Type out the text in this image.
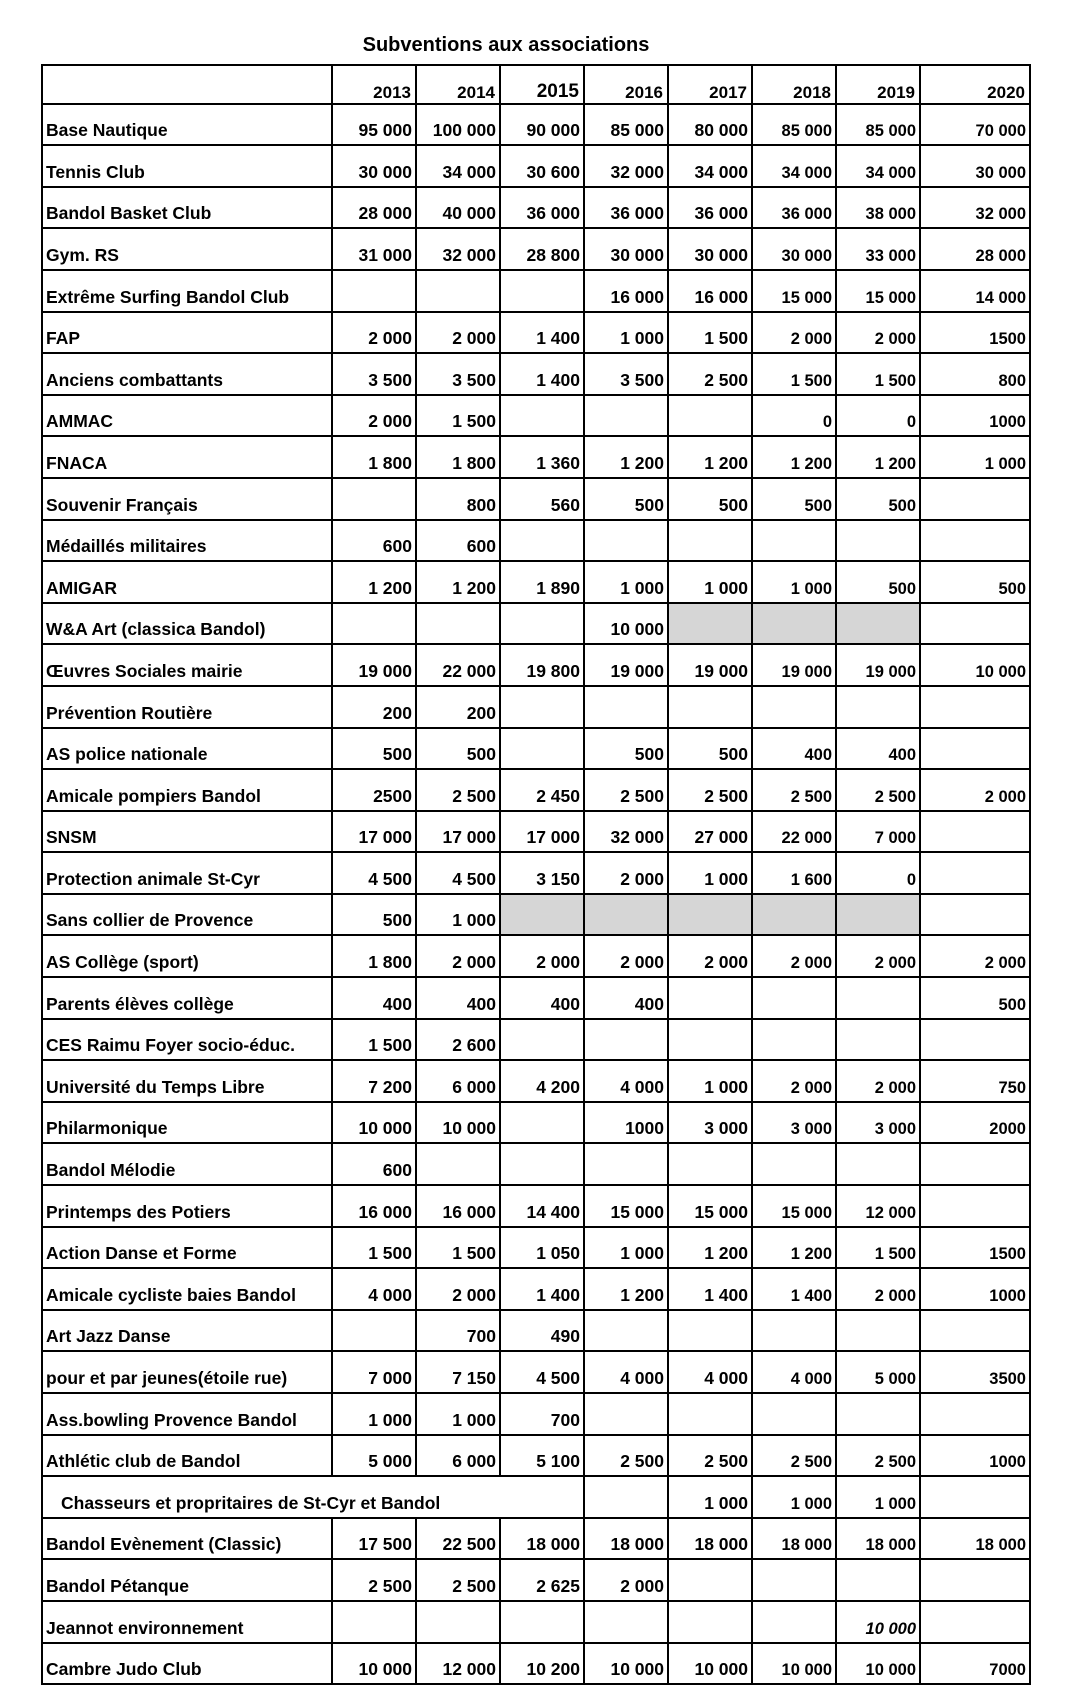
Subventions aux associations
	2013	2014	2015	2016	2017	2018	2019	2020
Base Nautique	95 000	100 000	90 000	85 000	80 000	85 000	85 000	70 000
Tennis Club	30 000	34 000	30 600	32 000	34 000	34 000	34 000	30 000
Bandol Basket Club	28 000	40 000	36 000	36 000	36 000	36 000	38 000	32 000
Gym. RS	31 000	32 000	28 800	30 000	30 000	30 000	33 000	28 000
Extrême Surfing Bandol Club				16 000	16 000	15 000	15 000	14 000
FAP	2 000	2 000	1 400	1 000	1 500	2 000	2 000	1500
Anciens combattants	3 500	3 500	1 400	3 500	2 500	1 500	1 500	800
AMMAC	2 000	1 500				0	0	1000
FNACA	1 800	1 800	1 360	1 200	1 200	1 200	1 200	1 000
Souvenir Français		800	560	500	500	500	500	
Médaillés militaires	600	600						
AMIGAR	1 200	1 200	1 890	1 000	1 000	1 000	500	500
W&A Art (classica Bandol)				10 000				
Œuvres Sociales mairie	19 000	22 000	19 800	19 000	19 000	19 000	19 000	10 000
Prévention Routière	200	200						
AS police nationale	500	500		500	500	400	400	
Amicale pompiers Bandol	2500	2 500	2 450	2 500	2 500	2 500	2 500	2 000
SNSM	17 000	17 000	17 000	32 000	27 000	22 000	7 000	
Protection animale St-Cyr	4 500	4 500	3 150	2 000	1 000	1 600	0	
Sans collier de Provence	500	1 000						
AS Collège (sport)	1 800	2 000	2 000	2 000	2 000	2 000	2 000	2 000
Parents élèves collège	400	400	400	400				500
CES Raimu Foyer socio-éduc.	1 500	2 600						
Université du Temps Libre	7 200	6 000	4 200	4 000	1 000	2 000	2 000	750
Philarmonique	10 000	10 000		1000	3 000	3 000	3 000	2000
Bandol Mélodie	600							
Printemps des Potiers	16 000	16 000	14 400	15 000	15 000	15 000	12 000	
Action Danse et Forme	1 500	1 500	1 050	1 000	1 200	1 200	1 500	1500
Amicale cycliste baies Bandol	4 000	2 000	1 400	1 200	1 400	1 400	2 000	1000
Art Jazz Danse		700	490					
pour et par jeunes(étoile rue)	7 000	7 150	4 500	4 000	4 000	4 000	5 000	3500
Ass.bowling Provence Bandol	1 000	1 000	700					
Athlétic club de Bandol	5 000	6 000	5 100	2 500	2 500	2 500	2 500	1000
Chasseurs et propritaires de St-Cyr et Bandol					1 000	1 000	1 000	
Bandol Evènement (Classic)	17 500	22 500	18 000	18 000	18 000	18 000	18 000	18 000
Bandol Pétanque	2 500	2 500	2 625	2 000				
Jeannot environnement							10 000	
Cambre Judo Club	10 000	12 000	10 200	10 000	10 000	10 000	10 000	7000
